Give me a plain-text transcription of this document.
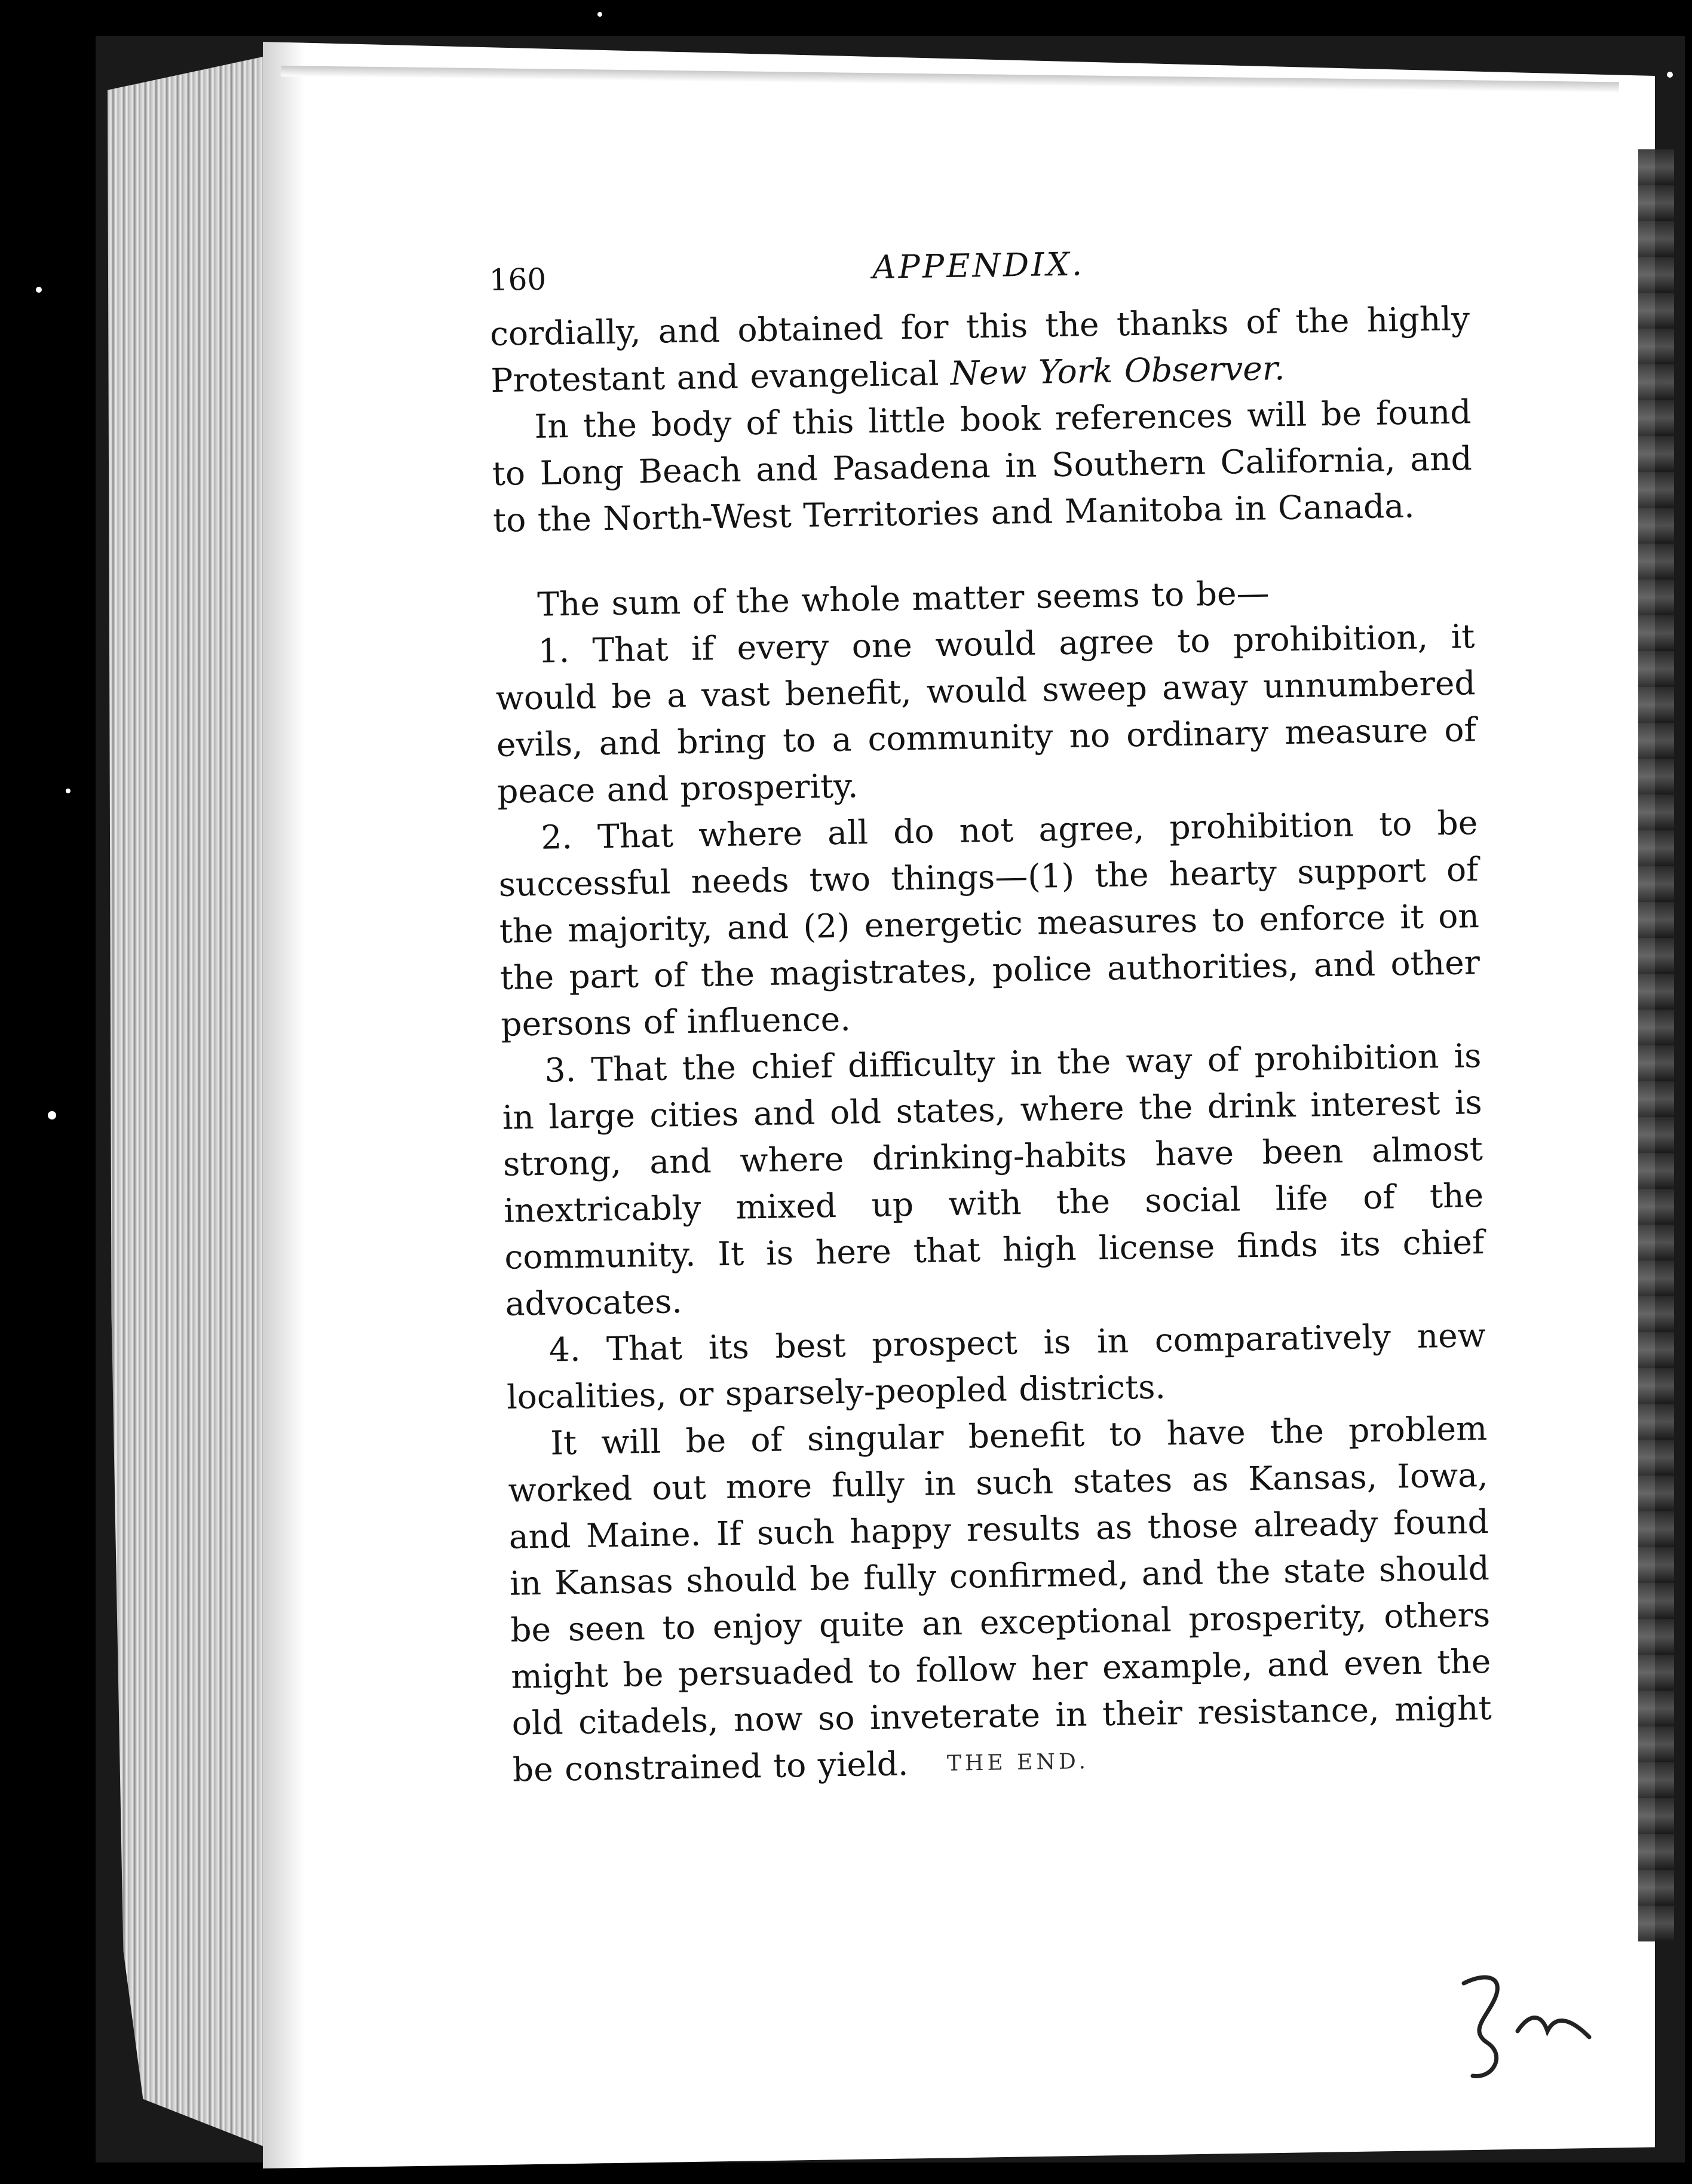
160	APPENDIX.

cordially, and obtained for this the thanks of the highly Protestant and evangelical New York Observer.

In the body of this little book references will be found to Long Beach and Pasadena in Southern California, and to the North-West Territories and Manitoba in Canada.

The sum of the whole matter seems to be—

1. That if every one would agree to prohibition, it would be a vast benefit, would sweep away unnumbered evils, and bring to a community no ordinary measure of peace and prosperity.

2. That where all do not agree, prohibition to be successful needs two things—(1) the hearty support of the majority, and (2) energetic measures to enforce it on the part of the magistrates, police authorities, and other persons of influence.

3. That the chief difficulty in the way of prohibition is in large cities and old states, where the drink interest is strong, and where drinking-habits have been almost inextricably mixed up with the social life of the community. It is here that high license finds its chief advocates.

4. That its best prospect is in comparatively new localities, or sparsely-peopled districts.

It will be of singular benefit to have the problem worked out more fully in such states as Kansas, Iowa, and Maine. If such happy results as those already found in Kansas should be fully confirmed, and the state should be seen to enjoy quite an exceptional prosperity, others might be persuaded to follow her example, and even the old citadels, now so inveterate in their resistance, might be constrained to yield.	THE END.
